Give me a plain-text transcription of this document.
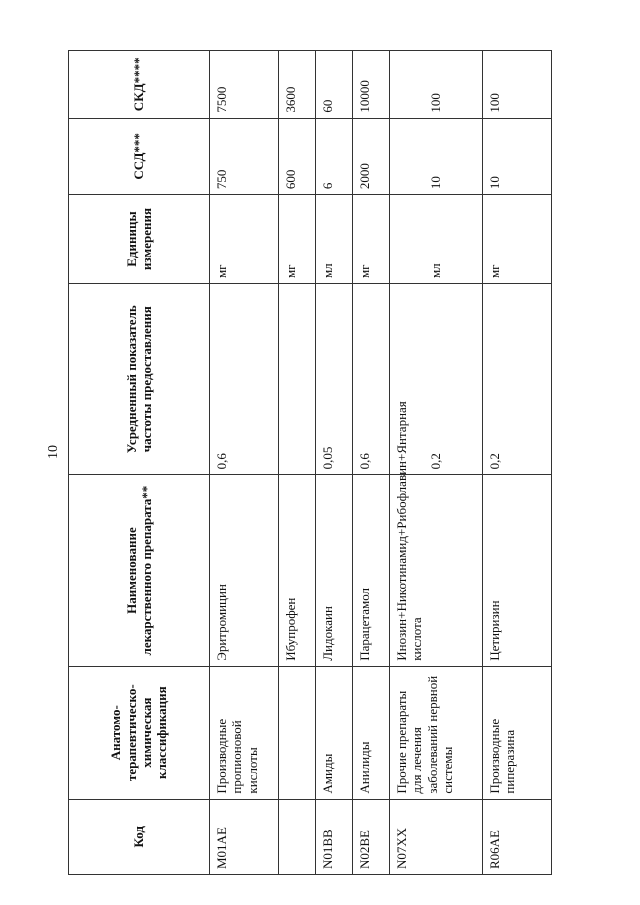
10
Код	Анатомо-терапевтическо-химическая классификация	Наименование лекарственного препарата**	Усредненный показатель частоты предоставления	Единицы измерения	ССД***	СКД****
M01AE	Производные пропионовой кислоты	Эритромицин	0,6	мг	750	7500
		Ибупрофен		мг	600	3600
N01BB	Амиды	Лидокаин	0,05	мл	6	60
N02BE	Анилиды	Парацетамол	0,6	мг	2000	10000
N07XX	Прочие препараты для лечения заболеваний нервной системы	Инозин+Никотинамид+Рибофлавин+Янтарная кислота	0,2	мл	10	100
R06AE	Производные пиперазина	Цетиризин	0,2	мг	10	100
